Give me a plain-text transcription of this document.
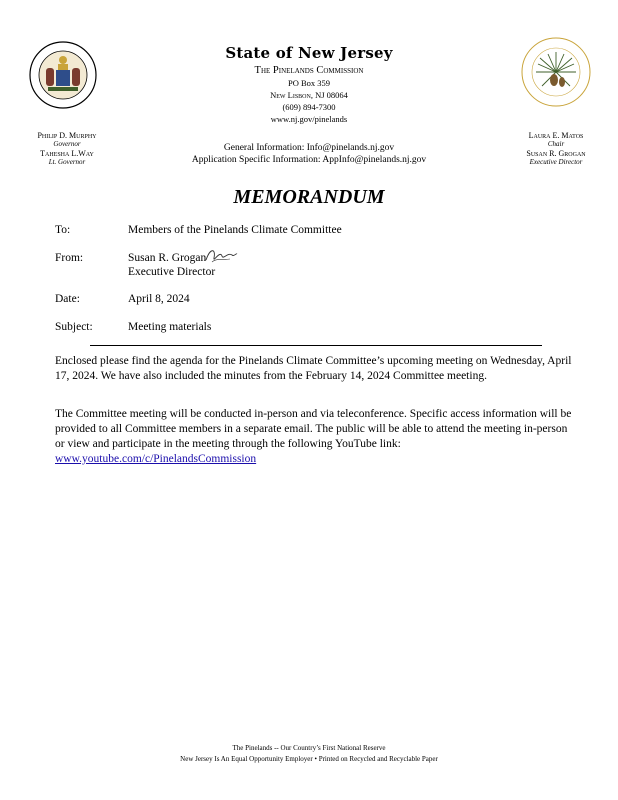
State of New Jersey
The Pinelands Commission
PO Box 359
New Lisbon, NJ 08064
(609) 894-7300
www.nj.gov/pinelands
Philip D. Murphy
Governor
Tahesha L.Way
Lt. Governor
Laura E. Matos
Chair
Susan R. Grogan
Executive Director
General Information: Info@pinelands.nj.gov
Application Specific Information: AppInfo@pinelands.nj.gov
MEMORANDUM
To:	Members of the Pinelands Climate Committee
From:	Susan R. Grogan
Executive Director
Date:	April 8, 2024
Subject:	Meeting materials
Enclosed please find the agenda for the Pinelands Climate Committee’s upcoming meeting on Wednesday, April 17, 2024. We have also included the minutes from the February 14, 2024 Committee meeting.
The Committee meeting will be conducted in-person and via teleconference. Specific access information will be provided to all Committee members in a separate email. The public will be able to attend the meeting in-person or view and participate in the meeting through the following YouTube link:
www.youtube.com/c/PinelandsCommission
The Pinelands -- Our Country’s First National Reserve
New Jersey Is An Equal Opportunity Employer • Printed on Recycled and Recyclable Paper
